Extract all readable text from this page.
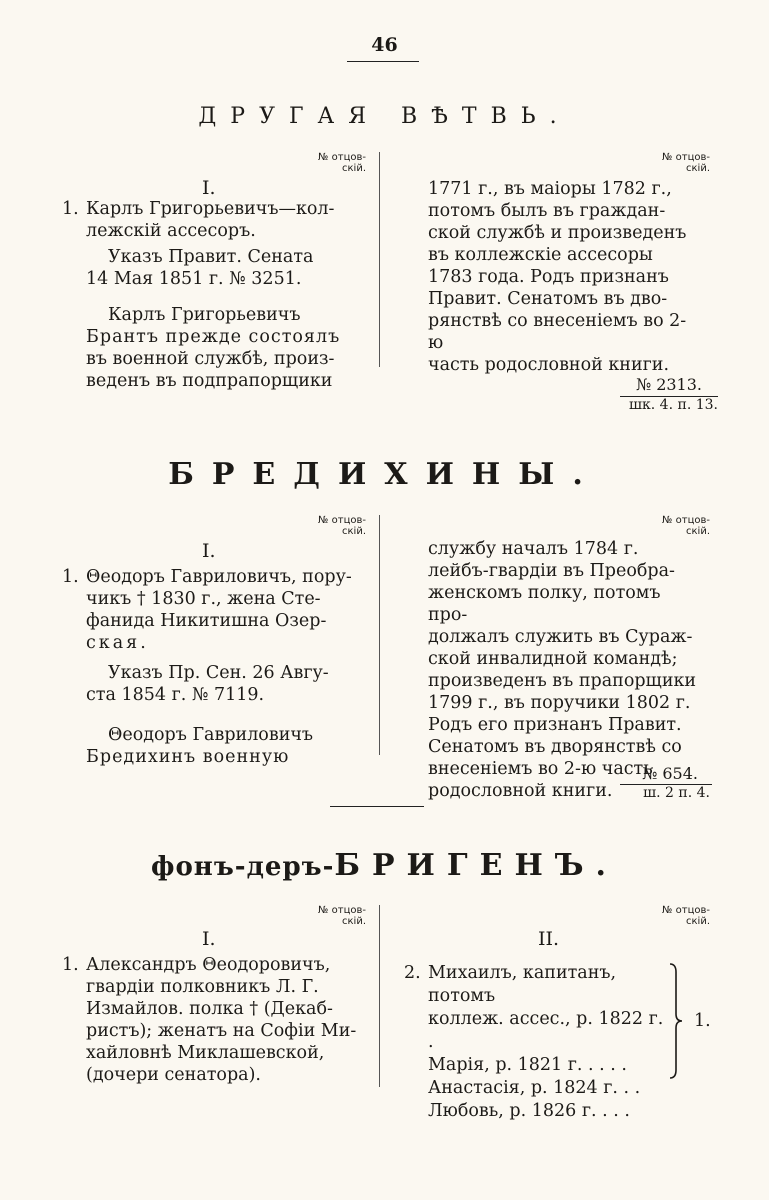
46
ДРУГАЯ ВѢТВЬ.
№ отцов-
скій.
№ отцов-
скій.
I.
1. Карлъ Григорьевичъ—кол-
лежскій ассесоръ.
Указъ Правит. Сената
14 Мая 1851 г. № 3251.
Карлъ Григорьевичъ
Брантъ прежде состоялъ
въ военной службѣ, произ-
веденъ въ подпрапорщики
1771 г., въ маіоры 1782 г.,
потомъ былъ въ граждан-
ской службѣ и произведенъ
въ коллежскіе ассесоры
1783 года. Родъ признанъ
Правит. Сенатомъ въ дво-
рянствѣ со внесеніемъ во 2-ю
часть родословной книги.
№ 2313.
шк. 4. п. 13.
БРЕДИХИНЫ.
№ отцов-
скій.
№ отцов-
скій.
I.
1. Θеодоръ Гавриловичъ, пору-
чикъ † 1830 г., жена Сте-
фанида Никитишна Озер-
ская.
Указъ Пр. Сен. 26 Авгу-
ста 1854 г. № 7119.
Θеодоръ Гавриловичъ
Бредихинъ военную
службу началъ 1784 г.
лейбъ-гвардіи въ Преобра-
женскомъ полку, потомъ про-
должалъ служить въ Сураж-
ской инвалидной командѣ;
произведенъ въ прапорщики
1799 г., въ поручики 1802 г.
Родъ его признанъ Правит.
Сенатомъ въ дворянствѣ со
внесеніемъ во 2-ю часть
родословной книги.
№ 654.
ш. 2 п. 4.
фонъ-деръ-БРИГЕНЪ.
№ отцов-
скій.
№ отцов-
скій.
I.	II.
1. Александръ Θеодоровичъ,
гвардіи полковникъ Л. Г.
Измайлов. полка † (Декаб-
ристъ); женатъ на Софіи Ми-
хайловнѣ Миклашевской,
(дочери сенатора).
2. Михаилъ, капитанъ, потомъ
коллеж. ассес., р. 1822 г. .
Марія, р. 1821 г. . . . .
Анастасія, р. 1824 г. . .
Любовь, р. 1826 г. . . .
1.
